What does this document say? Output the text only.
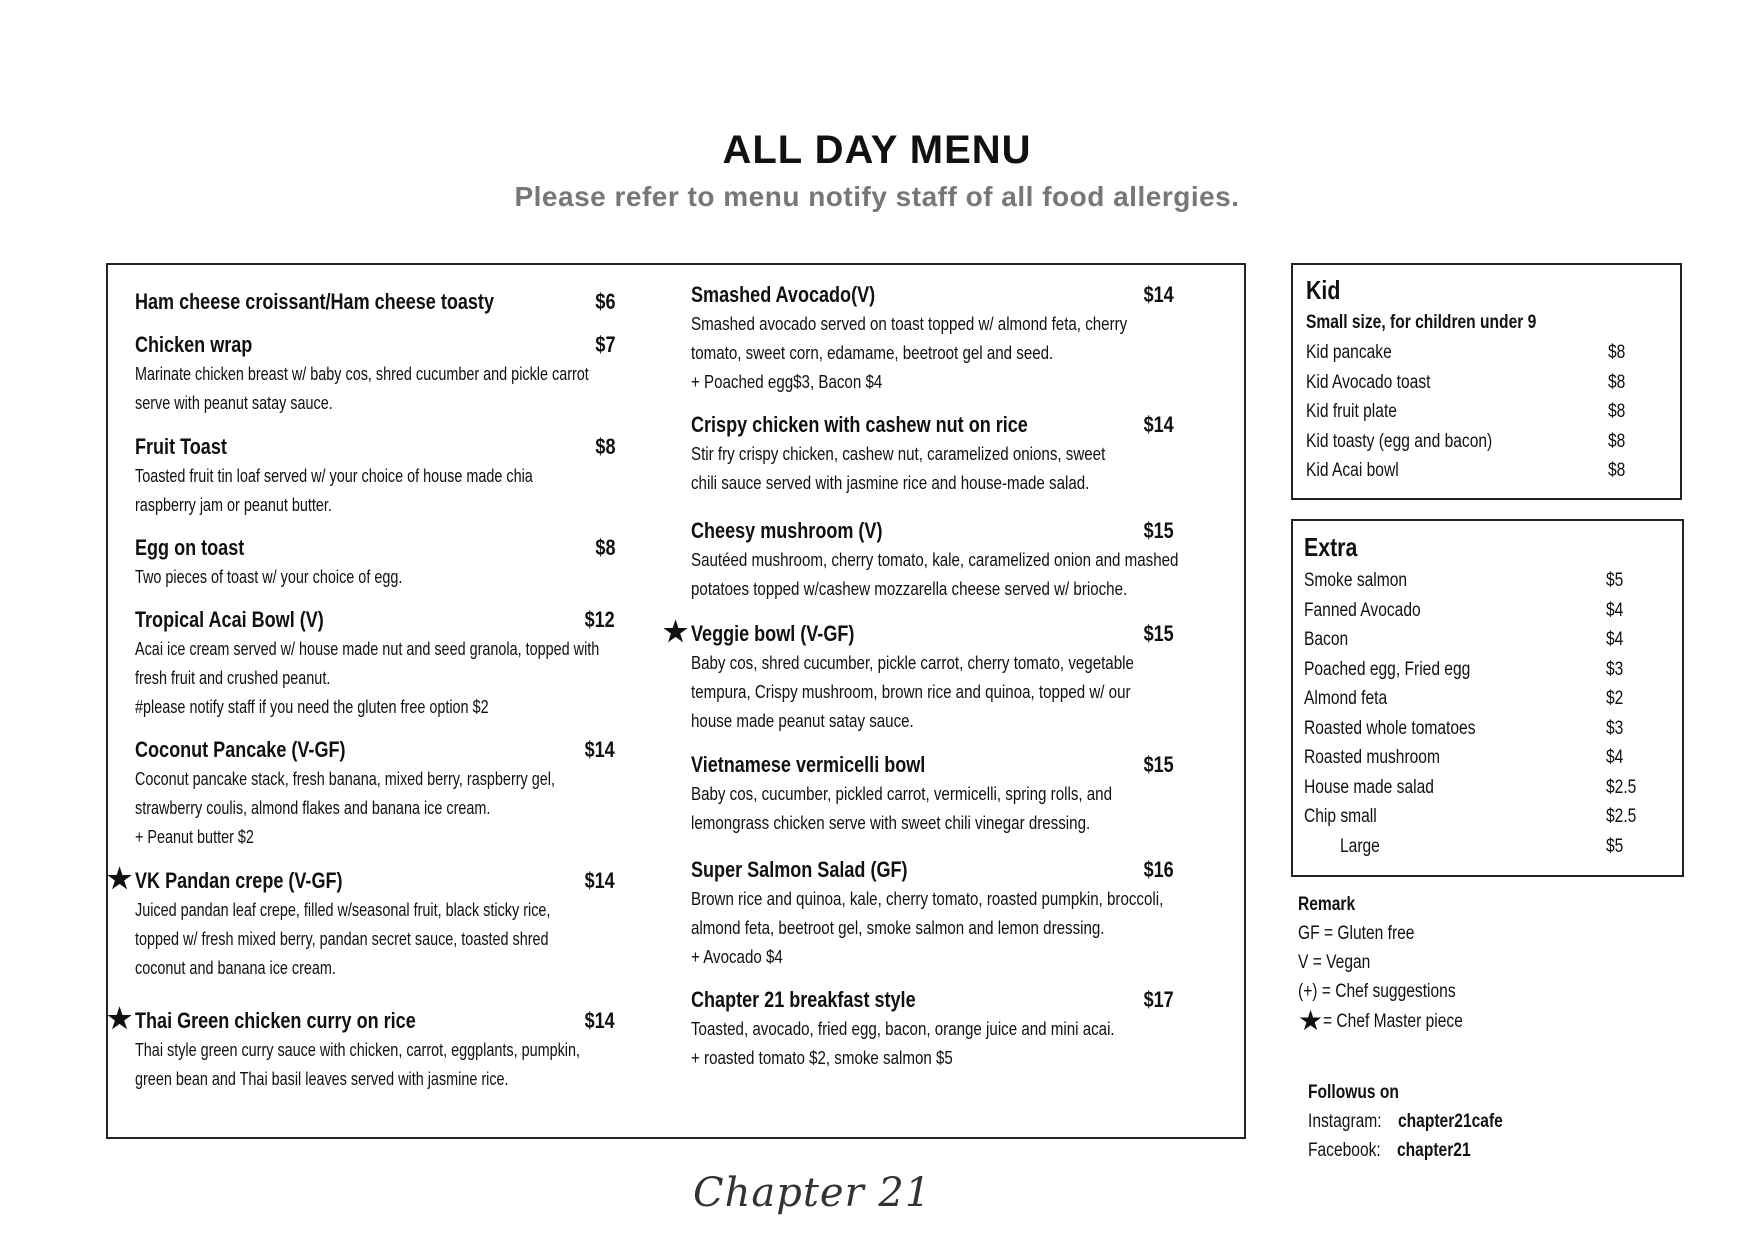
ALL DAY MENU
Please refer to menu notify staff of all food allergies.
Ham cheese croissant/Ham cheese toasty	$6
Chicken wrap	$7
Marinate chicken breast w/ baby cos, shred cucumber and pickle carrot
serve with peanut satay sauce.
Fruit Toast	$8
Toasted fruit tin loaf served w/ your choice of house made chia
raspberry jam or peanut butter.
Egg on toast	$8
Two pieces of toast w/ your choice of egg.
Tropical Acai Bowl (V)	$12
Acai ice cream served w/ house made nut and seed granola, topped with
fresh fruit and crushed peanut.
#please notify staff if you need the gluten free option $2
Coconut Pancake (V-GF)	$14
Coconut pancake stack, fresh banana, mixed berry, raspberry gel,
strawberry coulis, almond flakes and banana ice cream.
+ Peanut butter $2
★ VK Pandan crepe (V-GF)	$14
Juiced pandan leaf crepe, filled w/seasonal fruit, black sticky rice,
topped w/ fresh mixed berry, pandan secret sauce, toasted shred
coconut and banana ice cream.
★ Thai Green chicken curry on rice	$14
Thai style green curry sauce with chicken, carrot, eggplants, pumpkin,
green bean and Thai basil leaves served with jasmine rice.
Smashed Avocado(V)	$14
Smashed avocado served on toast topped w/ almond feta, cherry
tomato, sweet corn, edamame, beetroot gel and seed.
+ Poached egg$3, Bacon $4
Crispy chicken with cashew nut on rice	$14
Stir fry crispy chicken, cashew nut, caramelized onions, sweet
chili sauce served with jasmine rice and house-made salad.
Cheesy mushroom (V)	$15
Sautéed mushroom, cherry tomato, kale, caramelized onion and mashed
potatoes topped w/cashew mozzarella cheese served w/ brioche.
★ Veggie bowl (V-GF)	$15
Baby cos, shred cucumber, pickle carrot, cherry tomato, vegetable
tempura, Crispy mushroom, brown rice and quinoa, topped w/ our
house made peanut satay sauce.
Vietnamese vermicelli bowl	$15
Baby cos, cucumber, pickled carrot, vermicelli, spring rolls, and
lemongrass chicken serve with sweet chili vinegar dressing.
Super Salmon Salad (GF)	$16
Brown rice and quinoa, kale, cherry tomato, roasted pumpkin, broccoli,
almond feta, beetroot gel, smoke salmon and lemon dressing.
+ Avocado $4
Chapter 21 breakfast style	$17
Toasted, avocado, fried egg, bacon, orange juice and mini acai.
+ roasted tomato $2, smoke salmon $5
Kid
Small size, for children under 9
Kid pancake	$8
Kid Avocado toast	$8
Kid fruit plate	$8
Kid toasty (egg and bacon)	$8
Kid Acai bowl	$8
Extra
Smoke salmon	$5
Fanned Avocado	$4
Bacon	$4
Poached egg, Fried egg	$3
Almond feta	$2
Roasted whole tomatoes	$3
Roasted mushroom	$4
House made salad	$2.5
Chip small	$2.5
Large	$5
Remark
GF = Gluten free
V = Vegan
(+) = Chef suggestions
★= Chef Master piece
Followus on
Instagram:chapter21cafe
Facebook:chapter21
Chapter 21
